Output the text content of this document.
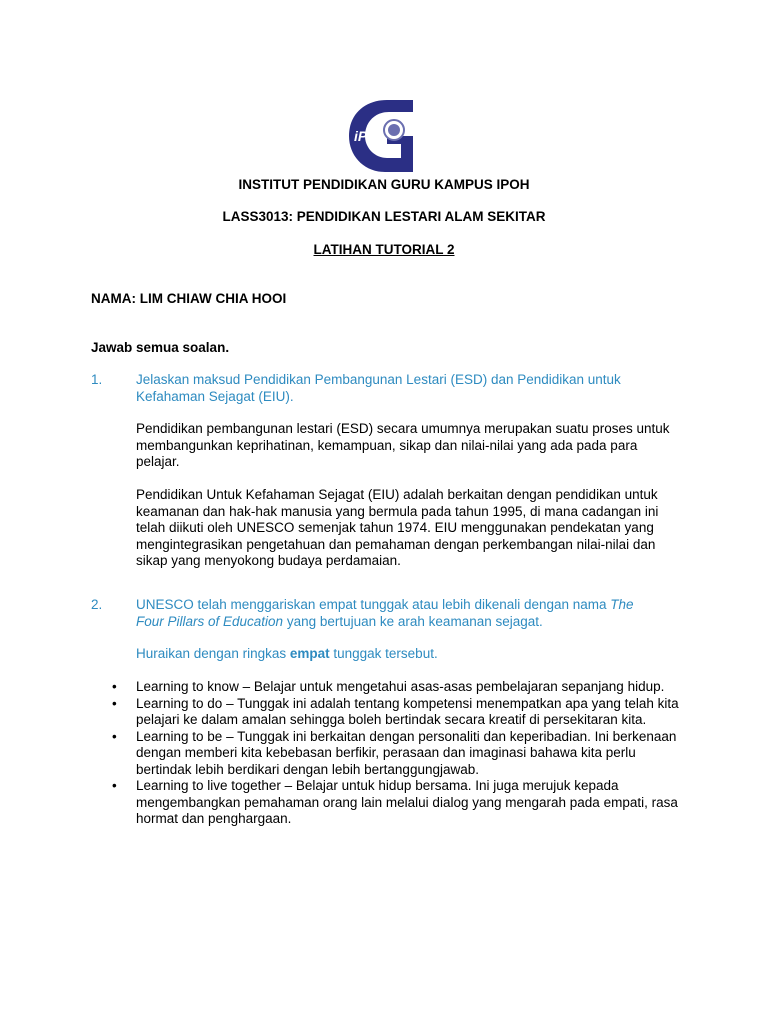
iPG
INSTITUT PENDIDIKAN GURU KAMPUS IPOH
LASS3013: PENDIDIKAN LESTARI ALAM SEKITAR
LATIHAN TUTORIAL 2
NAMA: LIM CHIAW CHIA HOOI
Jawab semua soalan.
1. Jelaskan maksud Pendidikan Pembangunan Lestari (ESD) dan Pendidikan untuk Kefahaman Sejagat (EIU).
Pendidikan pembangunan lestari (ESD) secara umumnya merupakan suatu proses untuk membangunkan keprihatinan, kemampuan, sikap dan nilai-nilai yang ada pada para pelajar.
Pendidikan Untuk Kefahaman Sejagat (EIU) adalah berkaitan dengan pendidikan untuk keamanan dan hak-hak manusia yang bermula pada tahun 1995, di mana cadangan ini telah diikuti oleh UNESCO semenjak tahun 1974. EIU menggunakan pendekatan yang mengintegrasikan pengetahuan dan pemahaman dengan perkembangan nilai-nilai dan sikap yang menyokong budaya perdamaian.
2. UNESCO telah menggariskan empat tunggak atau lebih dikenali dengan nama The Four Pillars of Education yang bertujuan ke arah keamanan sejagat.
Huraikan dengan ringkas empat tunggak tersebut.
• Learning to know – Belajar untuk mengetahui asas-asas pembelajaran sepanjang hidup.
• Learning to do – Tunggak ini adalah tentang kompetensi menempatkan apa yang telah kita pelajari ke dalam amalan sehingga boleh bertindak secara kreatif di persekitaran kita.
• Learning to be – Tunggak ini berkaitan dengan personaliti dan keperibadian. Ini berkenaan dengan memberi kita kebebasan berfikir, perasaan dan imaginasi bahawa kita perlu bertindak lebih berdikari dengan lebih bertanggungjawab.
• Learning to live together – Belajar untuk hidup bersama. Ini juga merujuk kepada mengembangkan pemahaman orang lain melalui dialog yang mengarah pada empati, rasa hormat dan penghargaan.
